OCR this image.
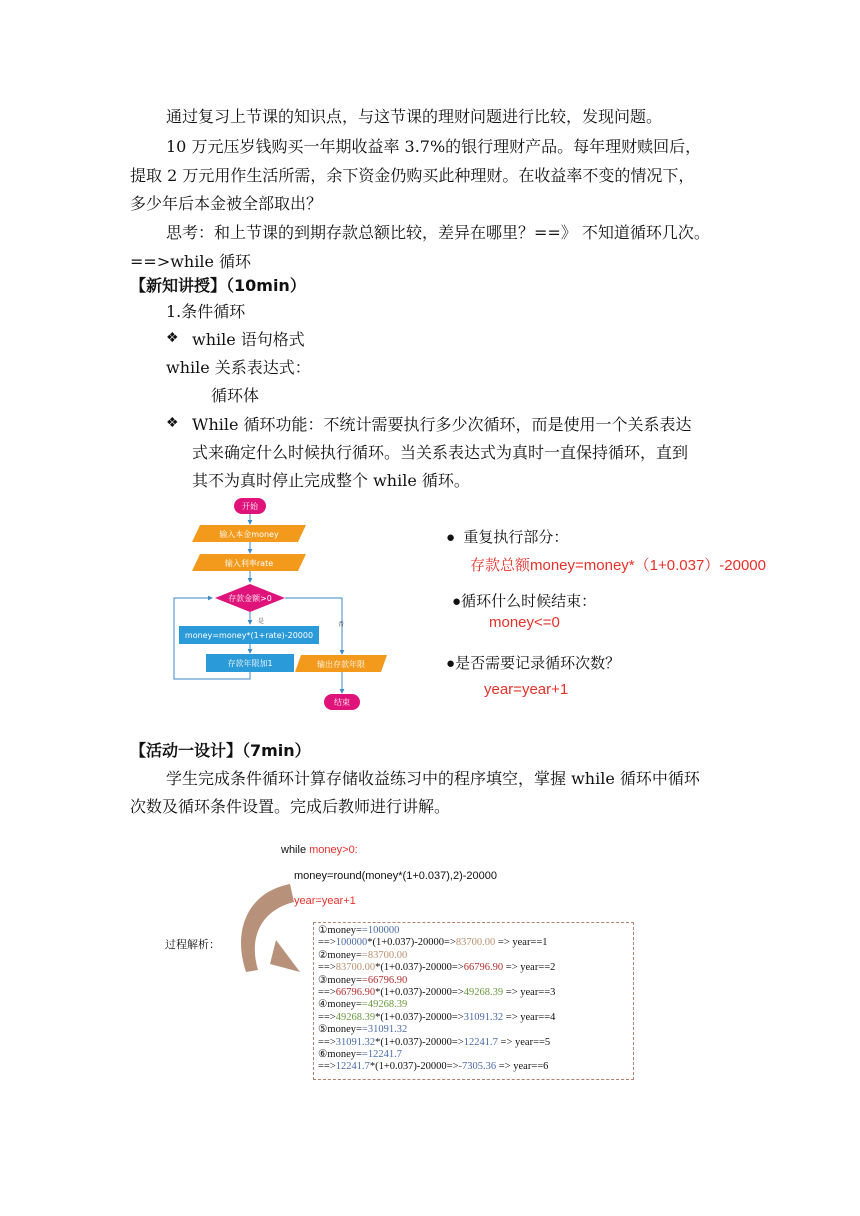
通过复习上节课的知识点，与这节课的理财问题进行比较，发现问题。
10 万元压岁钱购买一年期收益率 3.7%的银行理财产品。每年理财赎回后，
提取 2 万元用作生活所需，余下资金仍购买此种理财。在收益率不变的情况下，
多少年后本金被全部取出？
思考：和上节课的到期存款总额比较，差异在哪里？==》 不知道循环几次。
==>while 循环
【新知讲授】（10min）
1.条件循环
❖ while 语句格式
while 关系表达式：
循环体
❖ While 循环功能：不统计需要执行多少次循环，而是使用一个关系表达
式来确定什么时候执行循环。当关系表达式为真时一直保持循环，直到
其不为真时停止完成整个 while 循环。
开始
输入本金money
输入利率rate
存款金额>0
是
money=money*(1+rate)-20000
存款年限加1
否
输出存款年限
结束
● 重复执行部分：
存款总额money=money*（1+0.037）-20000
●循环什么时候结束：
money<=0
●是否需要记录循环次数？
year=year+1
【活动一设计】（7min）
学生完成条件循环计算存储收益练习中的程序填空，掌握 while 循环中循环
次数及循环条件设置。完成后教师进行讲解。
while money>0:
money=round(money*(1+0.037),2)-20000
year=year+1
过程解析：
①money==100000
==>100000*(1+0.037)-20000=>83700.00 => year==1
②money==83700.00
==>83700.00*(1+0.037)-20000=>66796.90 => year==2
③money==66796.90
==>66796.90*(1+0.037)-20000=>49268.39 => year==3
④money==49268.39
==>49268.39*(1+0.037)-20000=>31091.32 => year==4
⑤money==31091.32
==>31091.32*(1+0.037)-20000=>12241.7 => year==5
⑥money==12241.7
==>12241.7*(1+0.037)-20000=>-7305.36 => year==6
